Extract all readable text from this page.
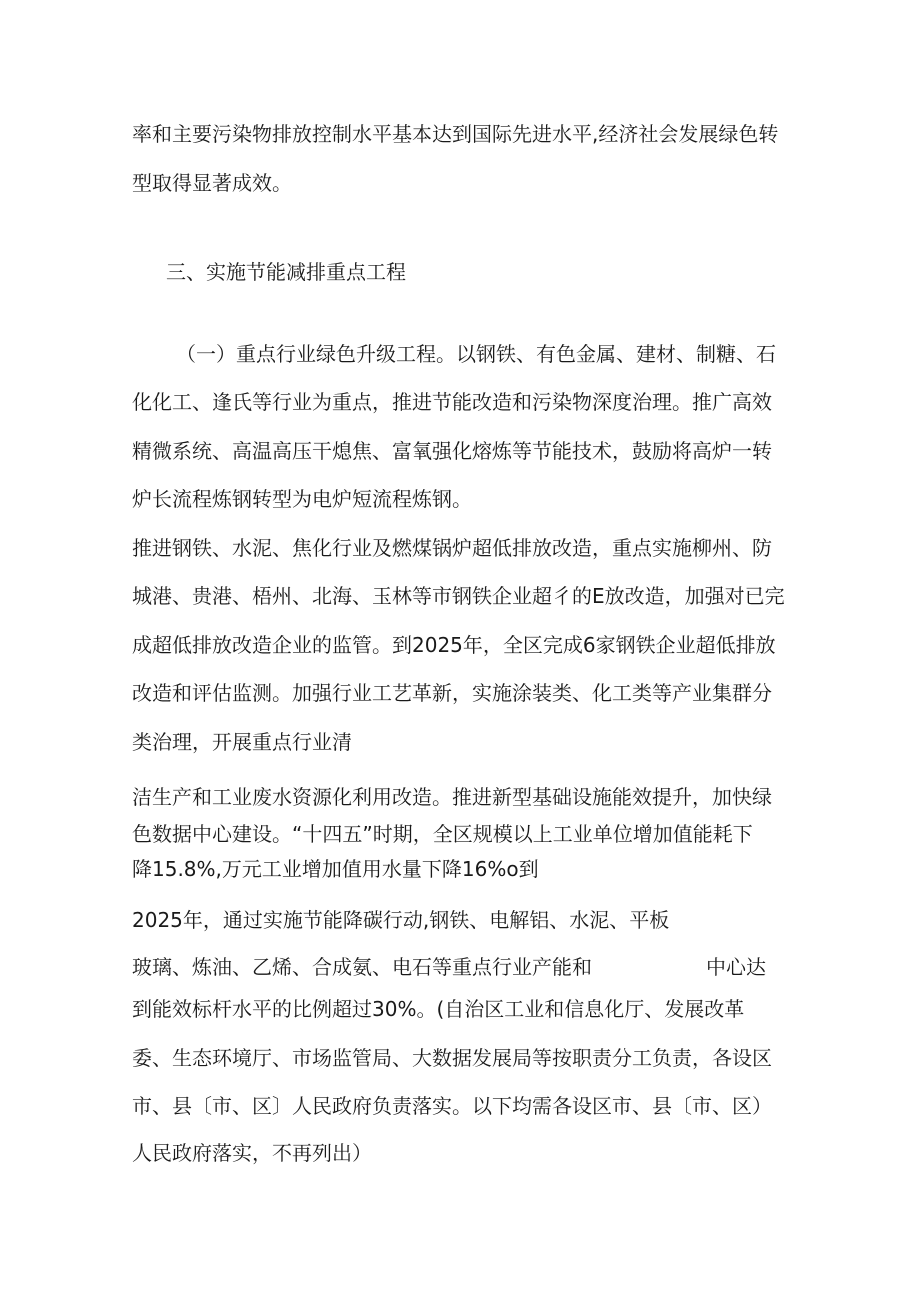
率和主要污染物排放控制水平基本达到国际先进水平,经济社会发展绿色转
型取得显著成效。
三、实施节能减排重点工程
（一）重点行业绿色升级工程。以钢铁、有色金属、建材、制糖、石
化化工、逢氏等行业为重点，推进节能改造和污染物深度治理。推广高效
精微系统、高温高压干熄焦、富氧强化熔炼等节能技术，鼓励将高炉一转
炉长流程炼钢转型为电炉短流程炼钢。
推进钢铁、水泥、焦化行业及燃煤锅炉超低排放改造，重点实施柳州、防
城港、贵港、梧州、北海、玉林等市钢铁企业超彳的E放改造，加强对已完
成超低排放改造企业的监管。到2025年，全区完成6家钢铁企业超低排放
改造和评估监测。加强行业工艺革新，实施涂装类、化工类等产业集群分
类治理，开展重点行业清
洁生产和工业废水资源化利用改造。推进新型基础设施能效提升，加快绿
色数据中心建设。“十四五”时期，全区规模以上工业单位增加值能耗下
降15.8%,万元工业增加值用水量下降16%o到
2025年，通过实施节能降碳行动,钢铁、电解铝、水泥、平板
玻璃、炼油、乙烯、合成氨、电石等重点行业产能和	中心达
到能效标杆水平的比例超过30%。(自治区工业和信息化厅、发展改革
委、生态环境厅、市场监管局、大数据发展局等按职责分工负责，各设区
市、县〔市、区〕人民政府负责落实。以下均需各设区市、县〔市、区）
人民政府落实，不再列出）
